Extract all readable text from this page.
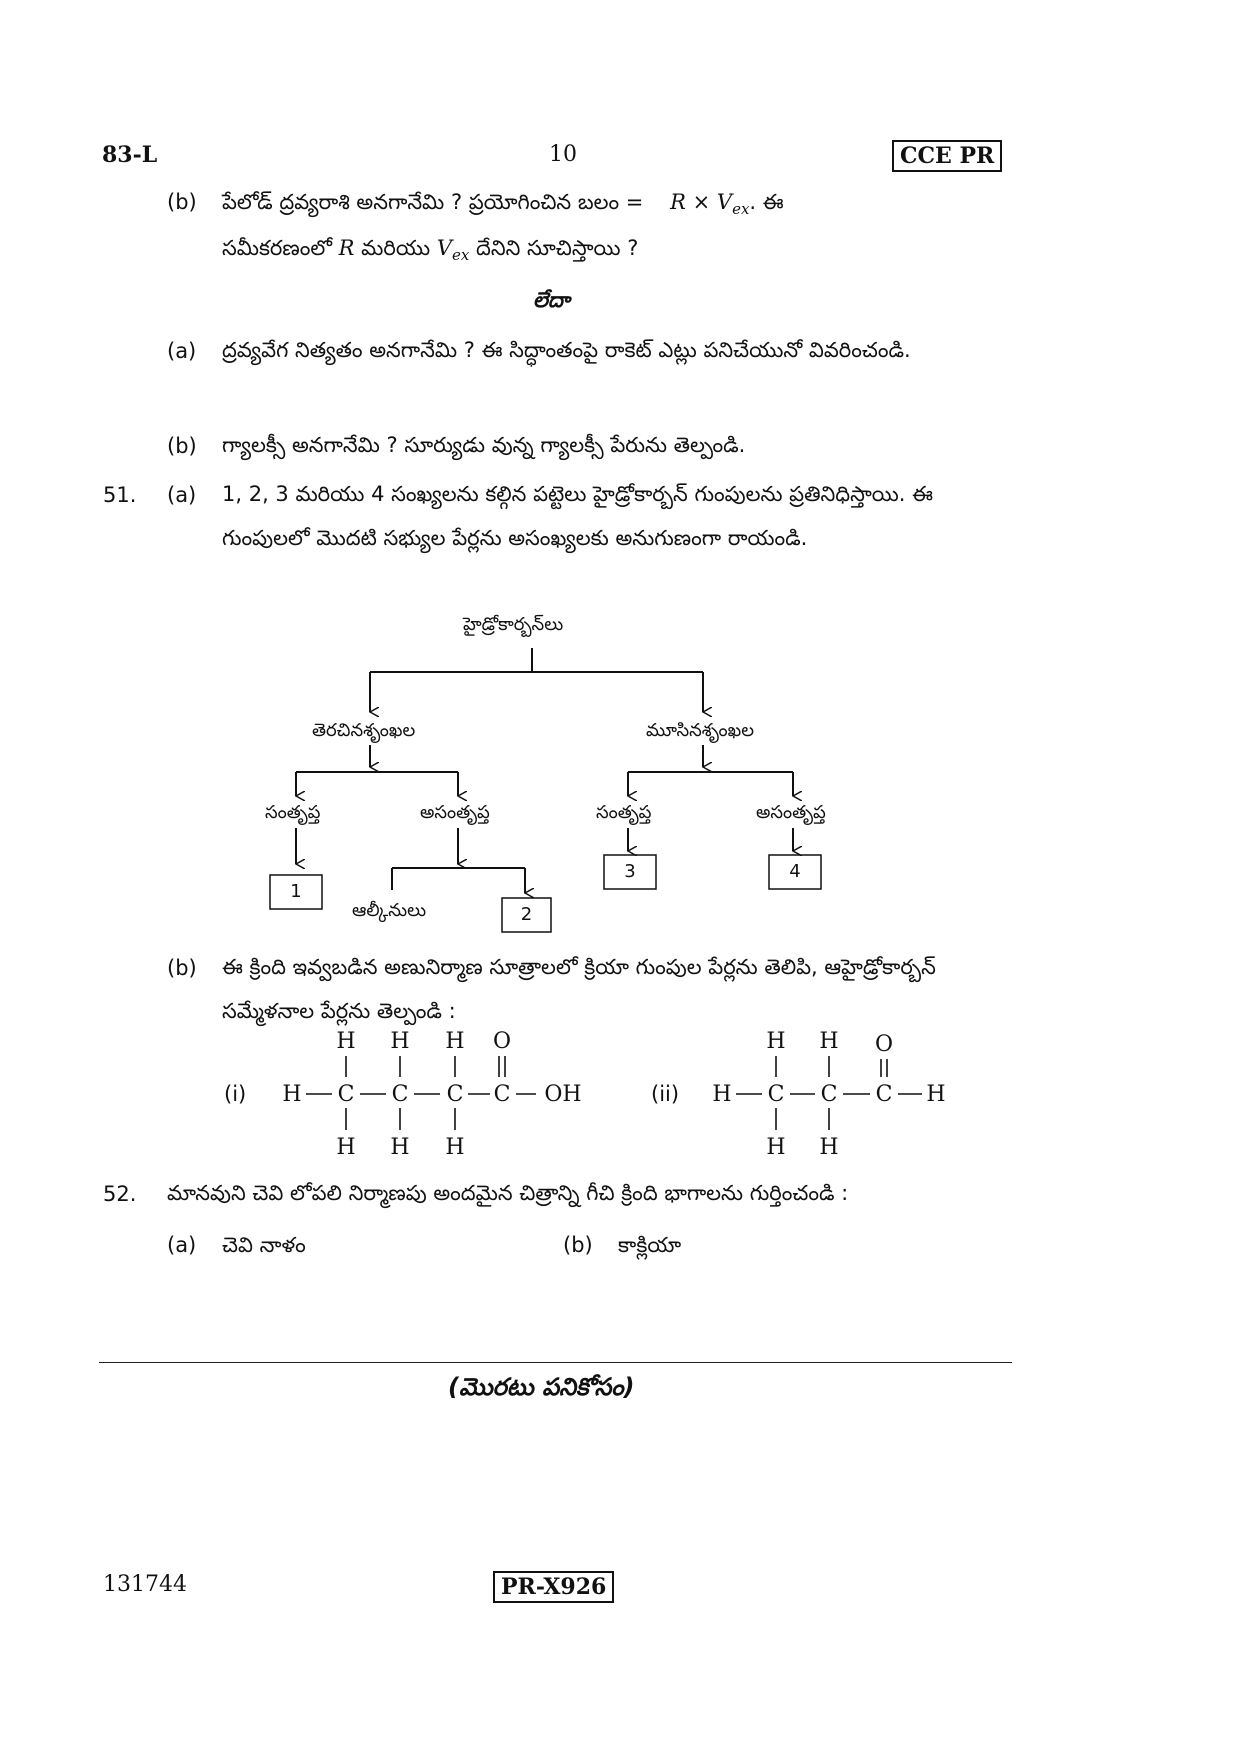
83-L	10	CCE PR
(b) పేలోడ్ ద్రవ్యరాశి అనగానేమి ? ప్రయోగించిన బలం = $R \times V_{ex}$. ఈ
సమీకరణంలో R మరియు $V_{ex}$ దేనిని సూచిస్తాయి ?
లేదా
(a) ద్రవ్యవేగ నిత్యతం అనగానేమి ? ఈ సిద్ధాంతంపై రాకెట్ ఎట్లు పనిచేయునో వివరించండి.
(b) గ్యాలక్సీ అనగానేమి ? సూర్యుడు వున్న గ్యాలక్సీ పేరును తెల్పండి.
51. (a) 1, 2, 3 మరియు 4 సంఖ్యలను కల్గిన పట్టెలు హైడ్రోకార్బన్ గుంపులను ప్రతినిధిస్తాయి. ఈ గుంపులలో మొదటి సభ్యుల పేర్లను అసంఖ్యలకు అనుగుణంగా రాయండి.
హైడ్రోకార్బన్‌లు
తెరచినశృంఖల	మూసినశృంఖల
సంతృప్త	అసంతృప్త	సంతృప్త	అసంతృప్త
ఆల్కీనులు
1
2
3	4
(b) ఈ క్రింది ఇవ్వబడిన అణునిర్మాణ సూత్రాలలో క్రియా గుంపుల పేర్లను తెలిపి, ఆహైడ్రోకార్బన్ సమ్మేళనాల పేర్లను తెల్పండి :
(i)	(ii)
H C C C C OH
H H H O
H H H
H C C C H
H H O
H H
52. మానవుని చెవి లోపలి నిర్మాణపు అందమైన చిత్రాన్ని గీచి క్రింది భాగాలను గుర్తించండి :
(a) చెవి నాళం	(b) కాక్లియా
(మొరటు పనికోసం)
131744	PR-X926
